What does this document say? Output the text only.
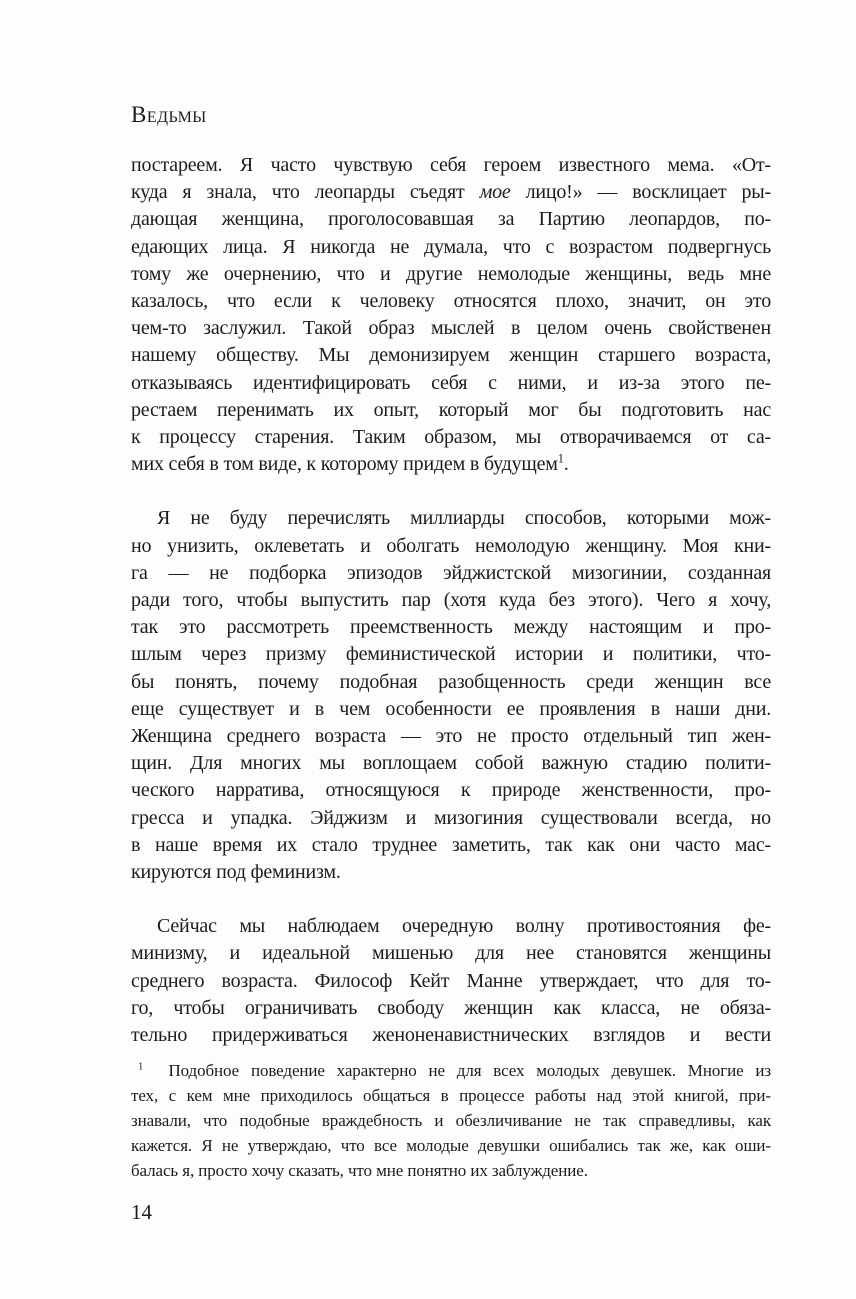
Ведьмы
постареем. Я часто чувствую себя героем известного мема. «От-
куда я знала, что леопарды съедят мое лицо!» — восклицает ры-
дающая женщина, проголосовавшая за Партию леопардов, по-
едающих лица. Я никогда не думала, что с возрастом подвергнусь
тому же очернению, что и другие немолодые женщины, ведь мне
казалось, что если к человеку относятся плохо, значит, он это
чем-то заслужил. Такой образ мыслей в целом очень свойственен
нашему обществу. Мы демонизируем женщин старшего возраста,
отказываясь идентифицировать себя с ними, и из-за этого пе-
рестаем перенимать их опыт, который мог бы подготовить нас
к процессу старения. Таким образом, мы отворачиваемся от са-
мих себя в том виде, к которому придем в будущем$^1$.
Я не буду перечислять миллиарды способов, которыми мож-
но унизить, оклеветать и оболгать немолодую женщину. Моя кни-
га — не подборка эпизодов эйджистской мизогинии, созданная
ради того, чтобы выпустить пар (хотя куда без этого). Чего я хочу,
так это рассмотреть преемственность между настоящим и про-
шлым через призму феминистической истории и политики, что-
бы понять, почему подобная разобщенность среди женщин все
еще существует и в чем особенности ее проявления в наши дни.
Женщина среднего возраста — это не просто отдельный тип жен-
щин. Для многих мы воплощаем собой важную стадию полити-
ческого нарратива, относящуюся к природе женственности, про-
гресса и упадка. Эйджизм и мизогиния существовали всегда, но
в наше время их стало труднее заметить, так как они часто мас-
кируются под феминизм.
Сейчас мы наблюдаем очередную волну противостояния фе-
минизму, и идеальной мишенью для нее становятся женщины
среднего возраста. Философ Кейт Манне утверждает, что для то-
го, чтобы ограничивать свободу женщин как класса, не обяза-
тельно придерживаться женоненавистнических взглядов и вести
$^1$  Подобное поведение характерно не для всех молодых девушек. Многие из
тех, с кем мне приходилось общаться в процессе работы над этой книгой, при-
знавали, что подобные враждебность и обезличивание не так справедливы, как
кажется. Я не утверждаю, что все молодые девушки ошибались так же, как оши-
балась я, просто хочу сказать, что мне понятно их заблуждение.
14
